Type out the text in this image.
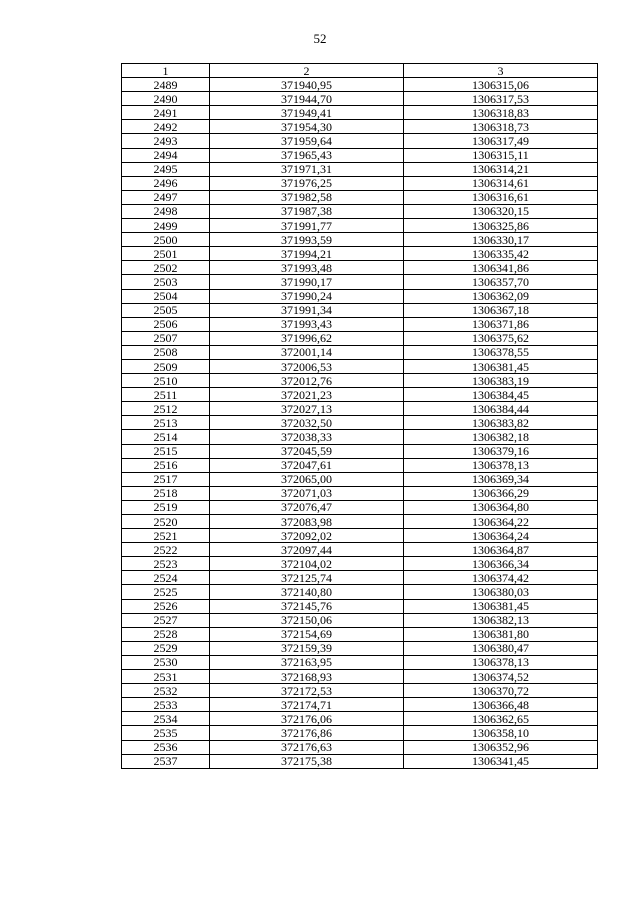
52
1	2	3
2489	371940,95	1306315,06
2490	371944,70	1306317,53
2491	371949,41	1306318,83
2492	371954,30	1306318,73
2493	371959,64	1306317,49
2494	371965,43	1306315,11
2495	371971,31	1306314,21
2496	371976,25	1306314,61
2497	371982,58	1306316,61
2498	371987,38	1306320,15
2499	371991,77	1306325,86
2500	371993,59	1306330,17
2501	371994,21	1306335,42
2502	371993,48	1306341,86
2503	371990,17	1306357,70
2504	371990,24	1306362,09
2505	371991,34	1306367,18
2506	371993,43	1306371,86
2507	371996,62	1306375,62
2508	372001,14	1306378,55
2509	372006,53	1306381,45
2510	372012,76	1306383,19
2511	372021,23	1306384,45
2512	372027,13	1306384,44
2513	372032,50	1306383,82
2514	372038,33	1306382,18
2515	372045,59	1306379,16
2516	372047,61	1306378,13
2517	372065,00	1306369,34
2518	372071,03	1306366,29
2519	372076,47	1306364,80
2520	372083,98	1306364,22
2521	372092,02	1306364,24
2522	372097,44	1306364,87
2523	372104,02	1306366,34
2524	372125,74	1306374,42
2525	372140,80	1306380,03
2526	372145,76	1306381,45
2527	372150,06	1306382,13
2528	372154,69	1306381,80
2529	372159,39	1306380,47
2530	372163,95	1306378,13
2531	372168,93	1306374,52
2532	372172,53	1306370,72
2533	372174,71	1306366,48
2534	372176,06	1306362,65
2535	372176,86	1306358,10
2536	372176,63	1306352,96
2537	372175,38	1306341,45
